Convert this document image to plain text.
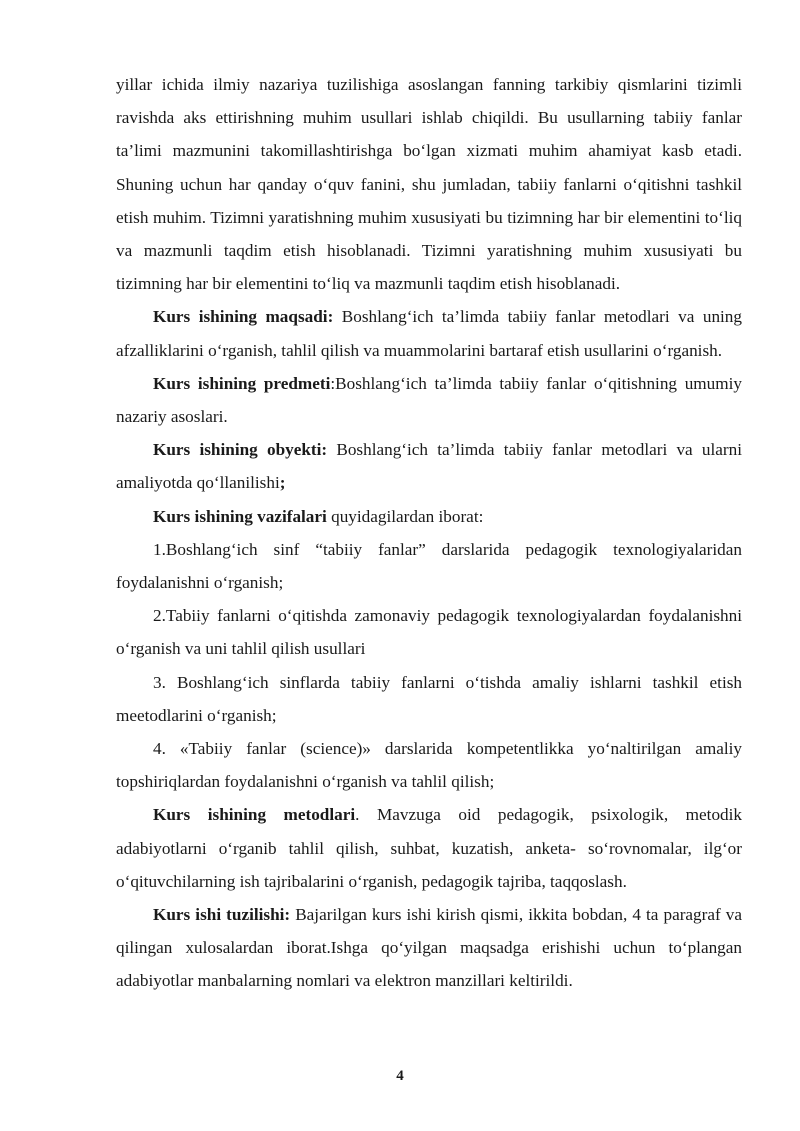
yillar ichida ilmiy nazariya tuzilishiga asoslangan fanning tarkibiy qismlarini tizimli ravishda aks ettirishning muhim usullari ishlab chiqildi. Bu usullarning tabiiy fanlar ta’limi mazmunini takomillashtirishga bo‘lgan xizmati muhim ahamiyat kasb etadi. Shuning uchun har qanday o‘quv fanini, shu jumladan, tabiiy fanlarni o‘qitishni tashkil etish muhim. Tizimni yaratishning muhim xususiyati bu tizimning har bir elementini to‘liq va mazmunli taqdim etish hisoblanadi. Tizimni yaratishning muhim xususiyati bu tizimning har bir elementini to‘liq va mazmunli taqdim etish hisoblanadi.

Kurs ishining maqsadi: Boshlang‘ich ta’limda tabiiy fanlar metodlari va uning afzalliklarini o‘rganish, tahlil qilish va muammolarini bartaraf etish usullarini o‘rganish.

Kurs ishining predmeti:Boshlang‘ich ta’limda tabiiy fanlar o‘qitishning umumiy nazariy asoslari.

Kurs ishining obyekti: Boshlang‘ich ta’limda tabiiy fanlar metodlari va ularni amaliyotda qo‘llanilishi;

Kurs ishining vazifalari quyidagilardan iborat:

1.Boshlang‘ich sinf “tabiiy fanlar” darslarida pedagogik texnologiyalaridan foydalanishni o‘rganish;

2.Tabiiy fanlarni o‘qitishda zamonaviy pedagogik texnologiyalardan foydalanishni o‘rganish va uni tahlil qilish usullari

3. Boshlang‘ich sinflarda tabiiy fanlarni o‘tishda amaliy ishlarni tashkil etish meetodlarini o‘rganish;

4. «Tabiiy fanlar (science)» darslarida kompetentlikka yo‘naltirilgan amaliy topshiriqlardan foydalanishni o‘rganish va tahlil qilish;

Kurs ishining metodlari. Mavzuga oid pedagogik, psixologik, metodik adabiyotlarni o‘rganib tahlil qilish, suhbat, kuzatish, anketa- so‘rovnomalar, ilg‘or o‘qituvchilarning ish tajribalarini o‘rganish, pedagogik tajriba, taqqoslash.

Kurs ishi tuzilishi: Bajarilgan kurs ishi kirish qismi, ikkita bobdan, 4 ta paragraf va qilingan xulosalardan iborat.Ishga qo‘yilgan maqsadga erishishi uchun to‘plangan adabiyotlar manbalarning nomlari va elektron manzillari keltirildi.

4
